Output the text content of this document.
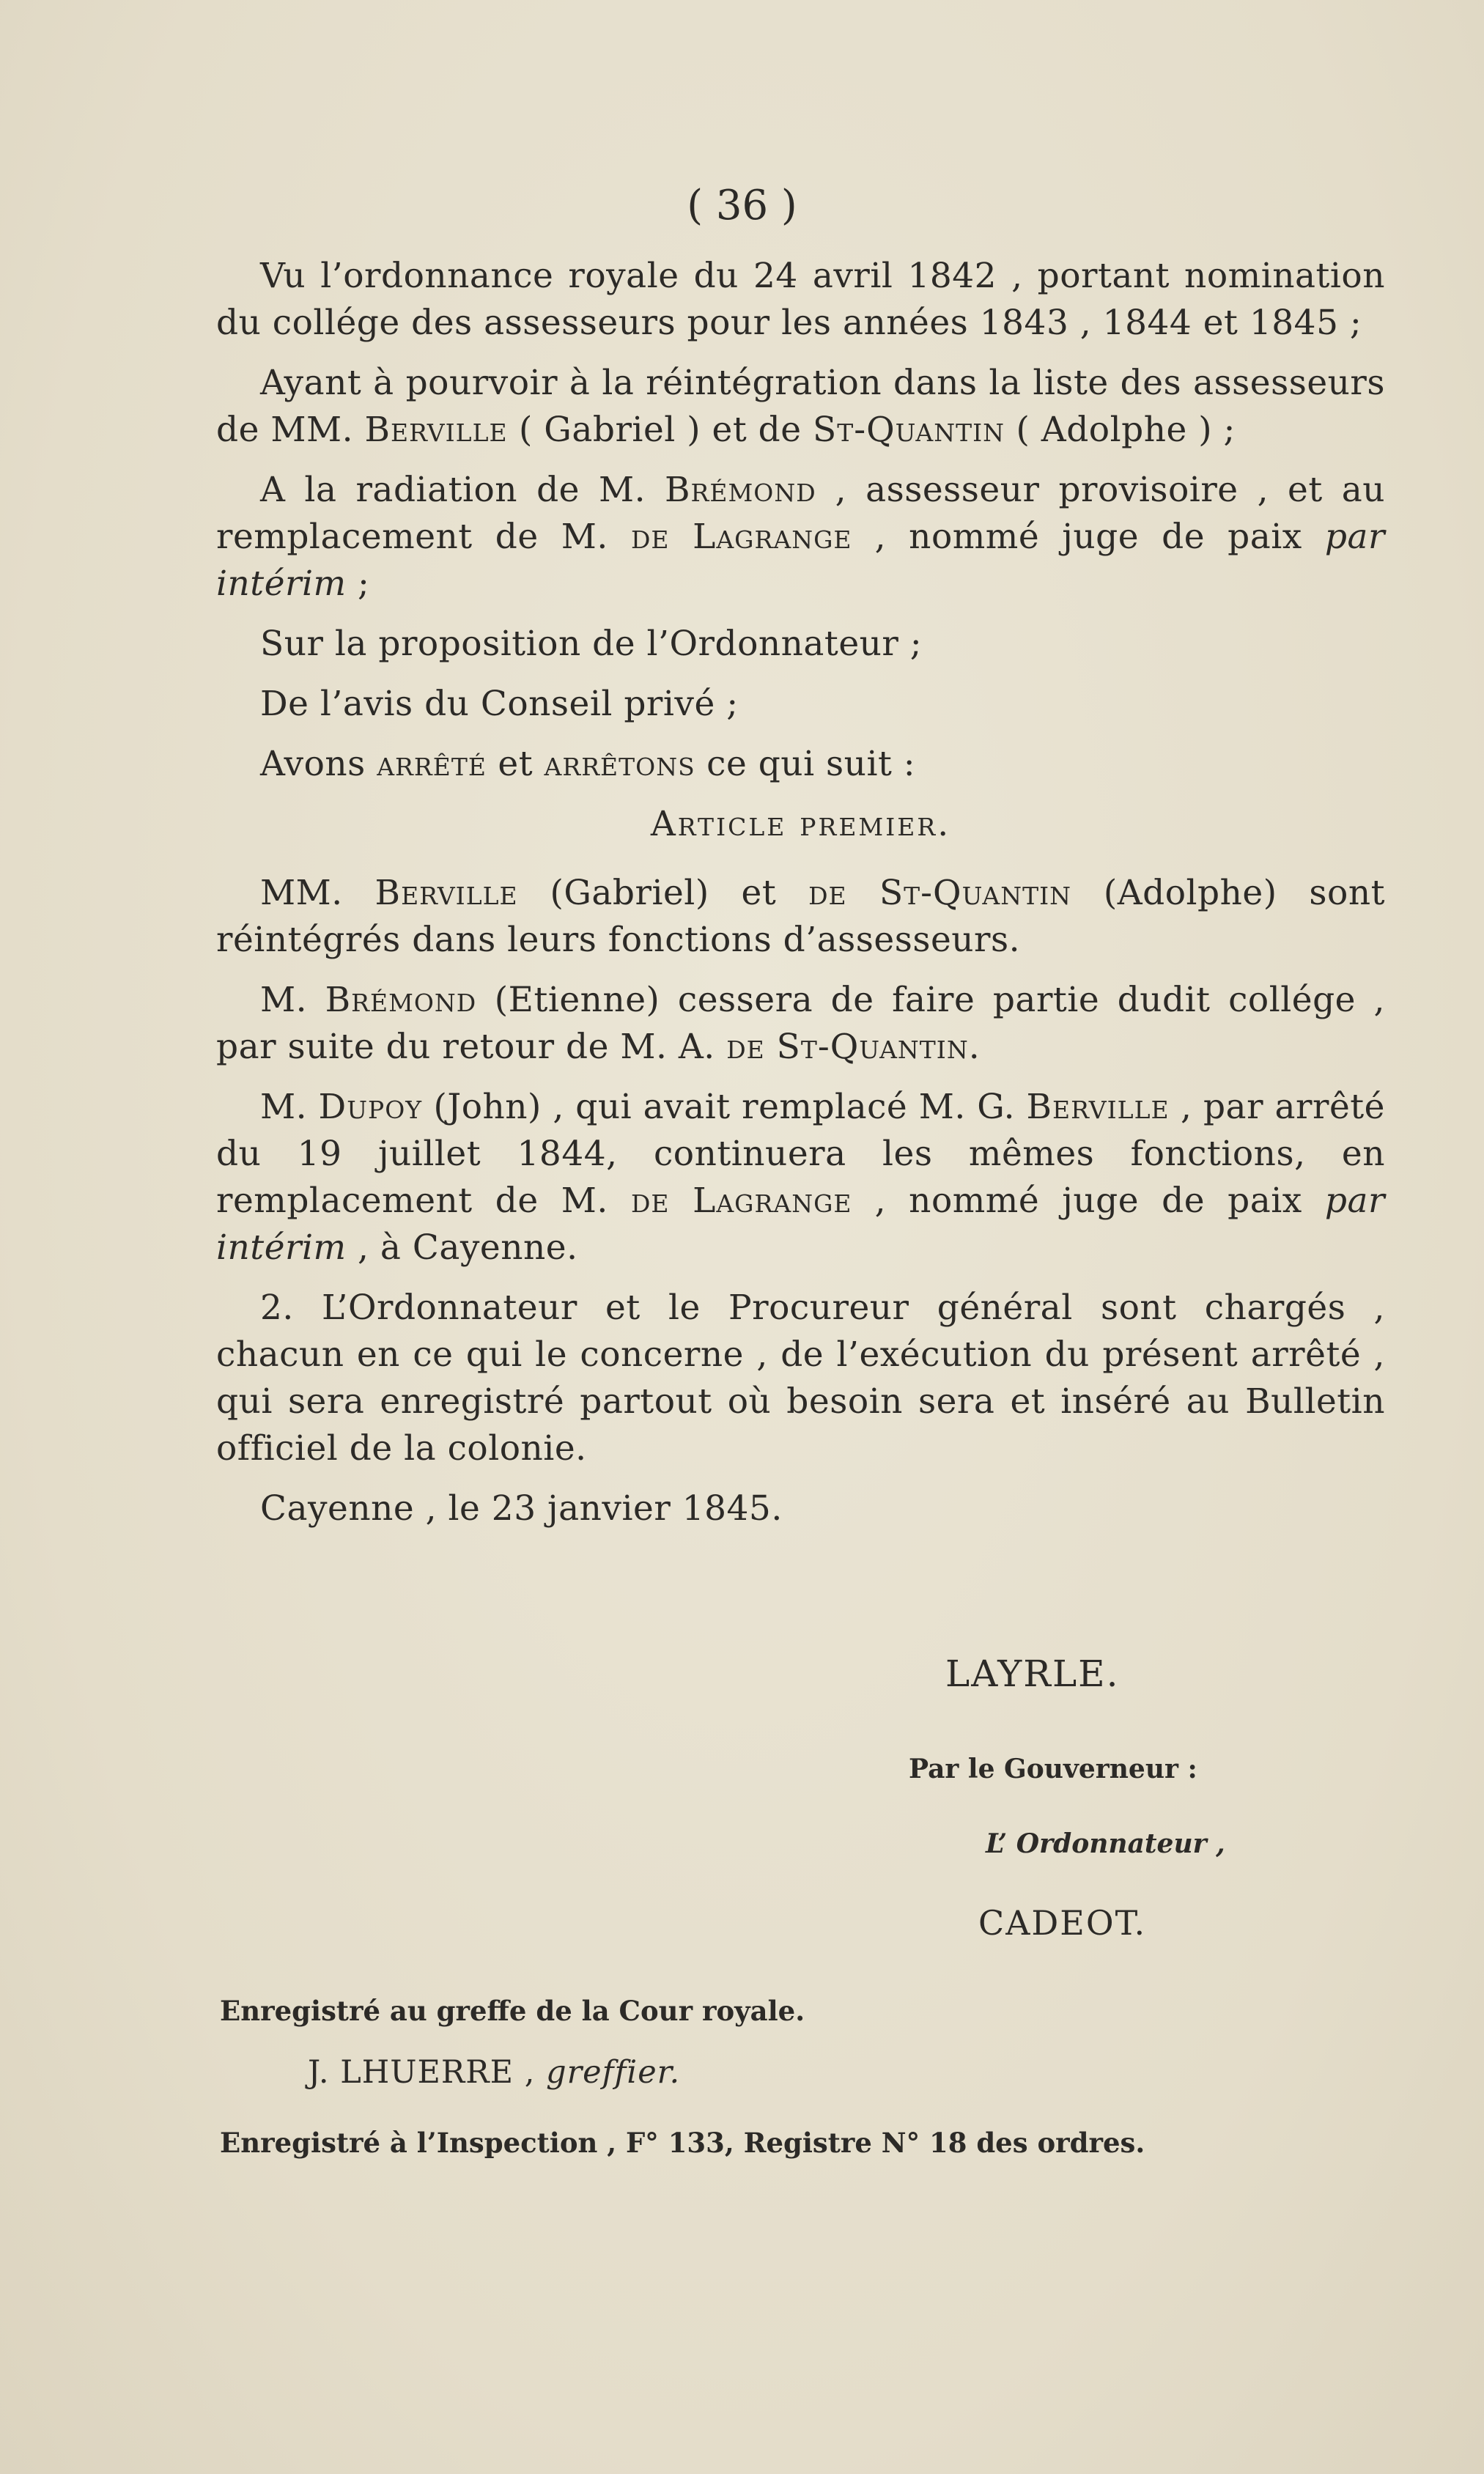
( 36 )

Vu l’ordonnance royale du 24 avril 1842 , portant nomination du collége des assesseurs pour les années 1843 , 1844 et 1845 ;

Ayant à pourvoir à la réintégration dans la liste des assesseurs de MM. Berville ( Gabriel ) et de St-Quantin ( Adolphe ) ;

A la radiation de M. Brémond , assesseur provisoire , et au remplacement de M. de Lagrange , nommé juge de paix par intérim ;

Sur la proposition de l’Ordonnateur ;

De l’avis du Conseil privé ;

Avons arrêté et arrêtons ce qui suit :

Article premier.

MM. Berville (Gabriel) et de St-Quantin (Adolphe) sont réintégrés dans leurs fonctions d’assesseurs.

M. Brémond (Etienne) cessera de faire partie dudit collége , par suite du retour de M. A. de St-Quantin.

M. Dupoy (John) , qui avait remplacé M. G. Berville , par arrêté du 19 juillet 1844, continuera les mêmes fonctions, en remplacement de M. de Lagrange , nommé juge de paix par intérim , à Cayenne.

2. L’Ordonnateur et le Procureur général sont chargés , chacun en ce qui le concerne , de l’exécution du présent arrêté , qui sera enregistré partout où besoin sera et inséré au Bulletin officiel de la colonie.

Cayenne , le 23 janvier 1845.

LAYRLE.
Par le Gouverneur :
L’ Ordonnateur ,
CADEOT.
Enregistré au greffe de la Cour royale.
J. LHUERRE , greffier.
Enregistré à l’Inspection , F° 133, Registre N° 18 des ordres.
